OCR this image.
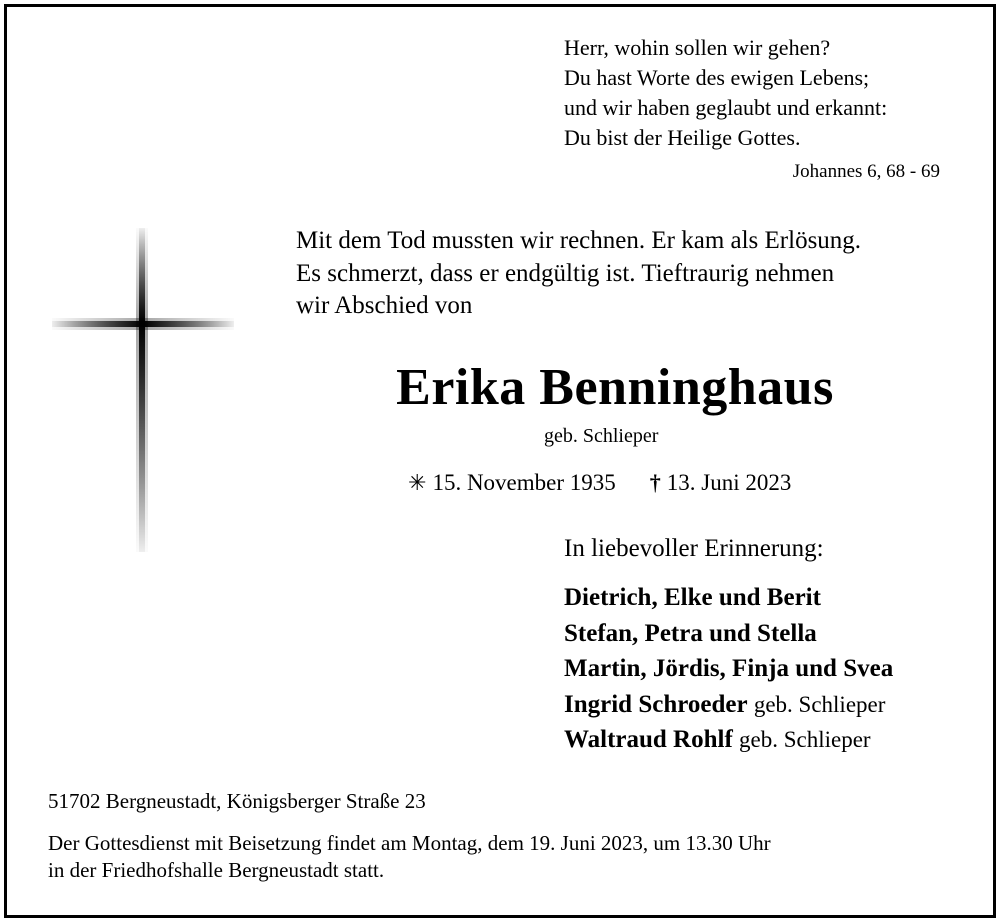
Herr, wohin sollen wir gehen?
Du hast Worte des ewigen Lebens;
und wir haben geglaubt und erkannt:
Du bist der Heilige Gottes.
Johannes 6, 68 - 69
Mit dem Tod mussten wir rechnen. Er kam als Erlösung.
Es schmerzt, dass er endgültig ist. Tieftraurig nehmen
wir Abschied von
Erika Benninghaus
geb. Schlieper
✳ 15. November 1935 † 13. Juni 2023
In liebevoller Erinnerung:
Dietrich, Elke und Berit
Stefan, Petra und Stella
Martin, Jördis, Finja und Svea
Ingrid Schroeder geb. Schlieper
Waltraud Rohlf geb. Schlieper
51702 Bergneustadt, Königsberger Straße 23
Der Gottesdienst mit Beisetzung findet am Montag, dem 19. Juni 2023, um 13.30 Uhr
in der Friedhofshalle Bergneustadt statt.
